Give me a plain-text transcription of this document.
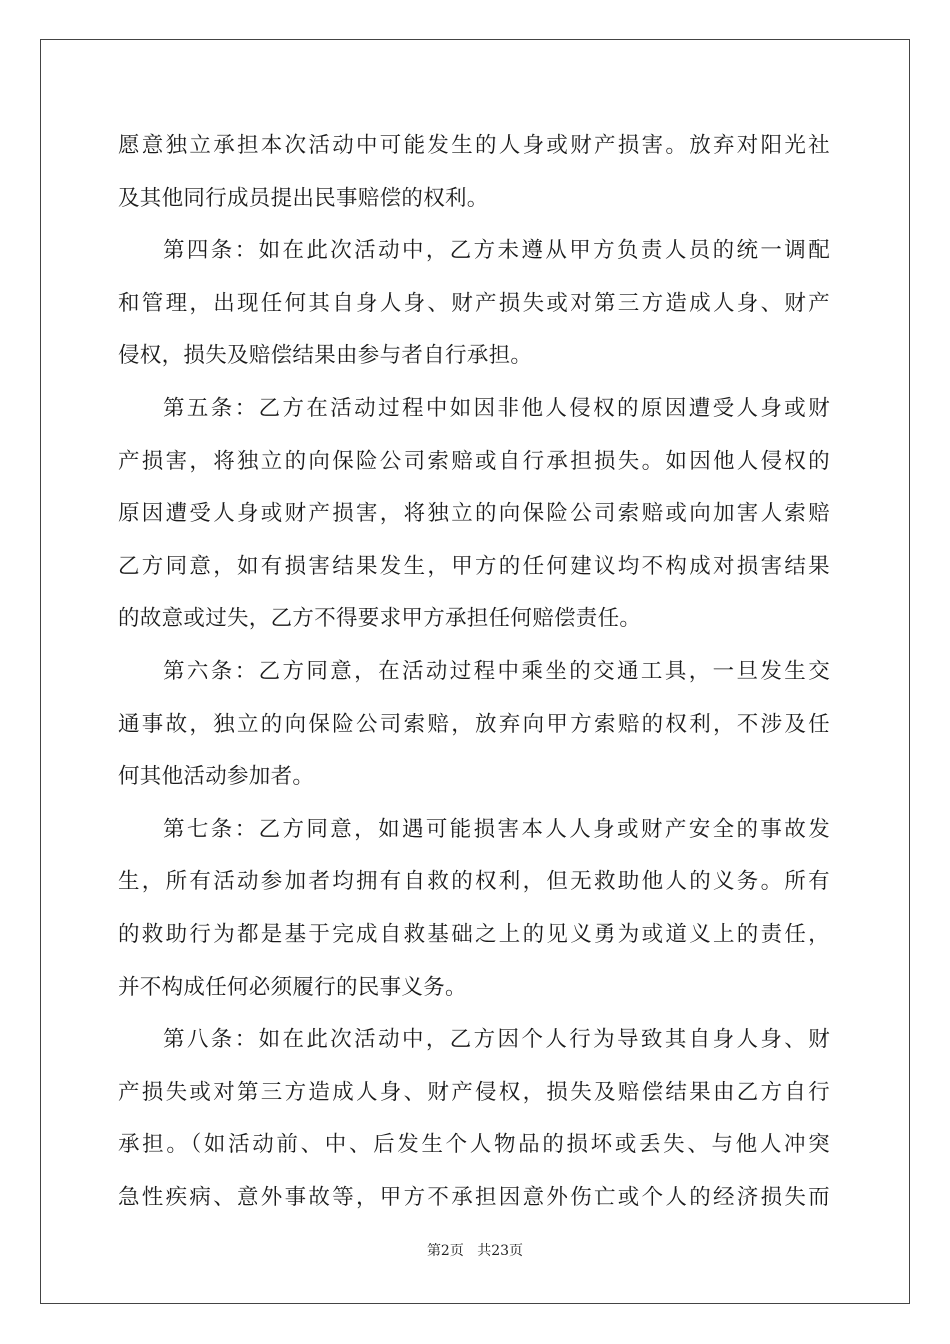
愿意独立承担本次活动中可能发生的人身或财产损害。放弃对阳光社
及其他同行成员提出民事赔偿的权利。
第四条：如在此次活动中，乙方未遵从甲方负责人员的统一调配
和管理，出现任何其自身人身、财产损失或对第三方造成人身、财产
侵权，损失及赔偿结果由参与者自行承担。
第五条：乙方在活动过程中如因非他人侵权的原因遭受人身或财
产损害，将独立的向保险公司索赔或自行承担损失。如因他人侵权的
原因遭受人身或财产损害，将独立的向保险公司索赔或向加害人索赔
乙方同意，如有损害结果发生，甲方的任何建议均不构成对损害结果
的故意或过失，乙方不得要求甲方承担任何赔偿责任。
第六条：乙方同意，在活动过程中乘坐的交通工具，一旦发生交
通事故，独立的向保险公司索赔，放弃向甲方索赔的权利，不涉及任
何其他活动参加者。
第七条：乙方同意，如遇可能损害本人人身或财产安全的事故发
生，所有活动参加者均拥有自救的权利，但无救助他人的义务。所有
的救助行为都是基于完成自救基础之上的见义勇为或道义上的责任，
并不构成任何必须履行的民事义务。
第八条：如在此次活动中，乙方因个人行为导致其自身人身、财
产损失或对第三方造成人身、财产侵权，损失及赔偿结果由乙方自行
承担。（如活动前、中、后发生个人物品的损坏或丢失、与他人冲突
急性疾病、意外事故等，甲方不承担因意外伤亡或个人的经济损失而
第2页 共23页
